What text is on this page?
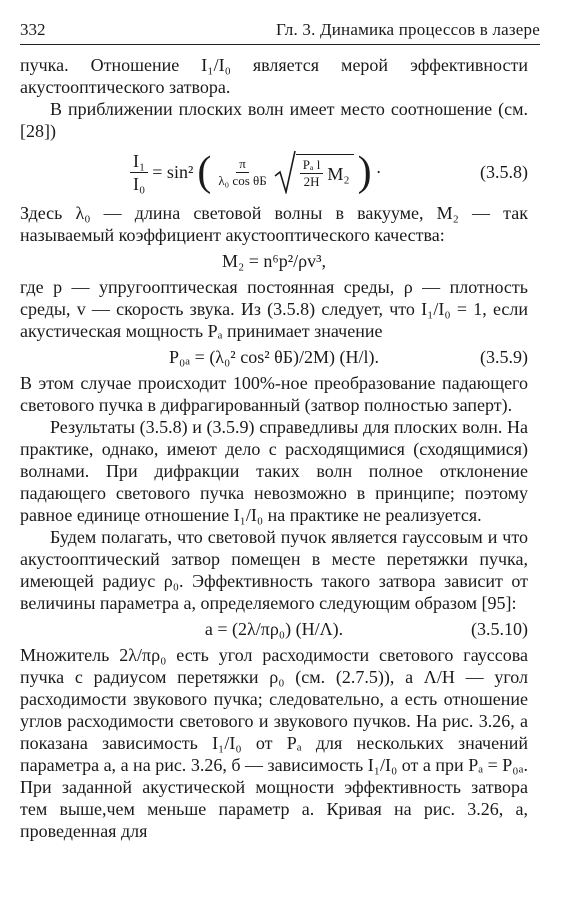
332	Гл. 3. Динамика процессов в лазере

пучка. Отношение I₁/I₀ является мерой эффективности акустооптического затвора.

В приближении плоских волн имеет место соотношение (см. [28])

$\frac{\text{I₁}}{\text{I₀}} = \sin^2$ ( $\frac{\pi}{\text{λ₀ cos θБ}} \frac{\text{Pₐ l}}{2H} M_2$ ) ·	(3.5.8)

Здесь λ₀ — длина световой волны в вакууме, M₂ — так называемый коэффициент акустооптического качества:

M₂ = n⁶p²/ρv³,

где p — упругооптическая постоянная среды, ρ — плотность среды, v — скорость звука. Из (3.5.8) следует, что I₁/I₀ = 1, если акустическая мощность Pₐ принимает значение

P₀ₐ = (λ₀² cos² θБ)/2M) (H/l).	(3.5.9)

В этом случае происходит 100%-ное преобразование падающего светового пучка в дифрагированный (затвор полностью заперт).

Результаты (3.5.8) и (3.5.9) справедливы для плоских волн. На практике, однако, имеют дело с расходящимися (сходящимися) волнами. При дифракции таких волн полное отклонение падающего светового пучка невозможно в принципе; поэтому равное единице отношение I₁/I₀ на практике не реализуется.

Будем полагать, что световой пучок является гауссовым и что акустооптический затвор помещен в месте перетяжки пучка, имеющей радиус ρ₀. Эффективность такого затвора зависит от величины параметра a, определяемого следующим образом [95]:

a = (2λ/πρ₀) (H/Λ).	(3.5.10)

Множитель 2λ/πρ₀ есть угол расходимости светового гауссова пучка с радиусом перетяжки ρ₀ (см. (2.7.5)), а Λ/H — угол расходимости звукового пучка; следовательно, a есть отношение углов расходимости светового и звукового пучков. На рис. 3.26, a показана зависимость I₁/I₀ от Pₐ для нескольких значений параметра a, а на рис. 3.26, б — зависимость I₁/I₀ от a при Pₐ = P₀ₐ. При заданной акустической мощности эффективность затвора тем выше,чем меньше параметр a. Кривая на рис. 3.26, a, проведенная для
